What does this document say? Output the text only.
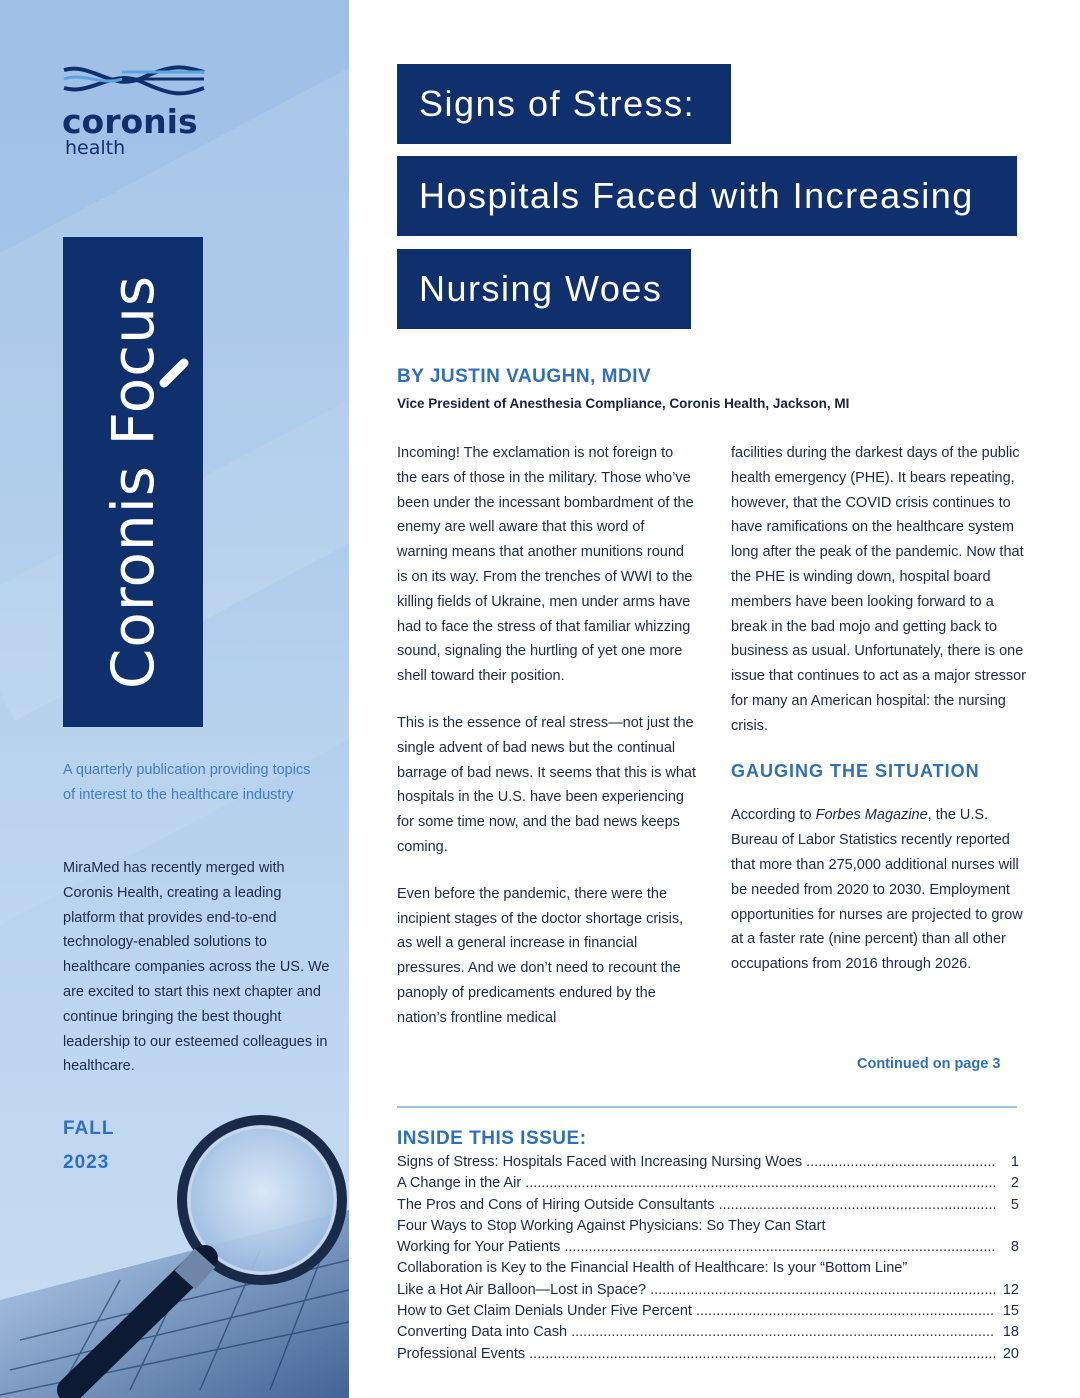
coronis
health
Coronis Focus
A quarterly publication providing topics of interest to the healthcare industry
MiraMed has recently merged with Coronis Health, creating a leading platform that provides end-to-end technology-enabled solutions to healthcare companies across the US. We are excited to start this next chapter and continue bringing the best thought leadership to our esteemed colleagues in healthcare.
FALL
2023
Signs of Stress:
Hospitals Faced with Increasing
Nursing Woes
BY JUSTIN VAUGHN, MDIV
Vice President of Anesthesia Compliance, Coronis Health, Jackson, MI

Incoming! The exclamation is not foreign to the ears of those in the military. Those who’ve been under the incessant bombardment of the enemy are well aware that this word of warning means that another munitions round is on its way. From the trenches of WWI to the killing fields of Ukraine, men under arms have had to face the stress of that familiar whizzing sound, signaling the hurtling of yet one more shell toward their position.

This is the essence of real stress—not just the single advent of bad news but the continual barrage of bad news. It seems that this is what hospitals in the U.S. have been experiencing for some time now, and the bad news keeps coming.

Even before the pandemic, there were the incipient stages of the doctor shortage crisis, as well a general increase in financial pressures. And we don’t need to recount the panoply of predicaments endured by the nation’s frontline medical

facilities during the darkest days of the public health emergency (PHE). It bears repeating, however, that the COVID crisis continues to have ramifications on the healthcare system long after the peak of the pandemic. Now that the PHE is winding down, hospital board members have been looking forward to a break in the bad mojo and getting back to business as usual. Unfortunately, there is one issue that continues to act as a major stressor for many an American hospital: the nursing crisis.

GAUGING THE SITUATION

According to Forbes Magazine, the U.S. Bureau of Labor Statistics recently reported that more than 275,000 additional nurses will be needed from 2020 to 2030. Employment opportunities for nurses are projected to grow at a faster rate (nine percent) than all other occupations from 2016 through 2026.

Continued on page 3
INSIDE THIS ISSUE:
Signs of Stress: Hospitals Faced with Increasing Nursing Woes .....	1
A Change in the Air .....	2
The Pros and Cons of Hiring Outside Consultants .....	5
Four Ways to Stop Working Against Physicians: So They Can Start
Working for Your Patients .....	8
Collaboration is Key to the Financial Health of Healthcare: Is your “Bottom Line”
Like a Hot Air Balloon—Lost in Space? .....	12
How to Get Claim Denials Under Five Percent .....	15
Converting Data into Cash .....	18
Professional Events .....	20
